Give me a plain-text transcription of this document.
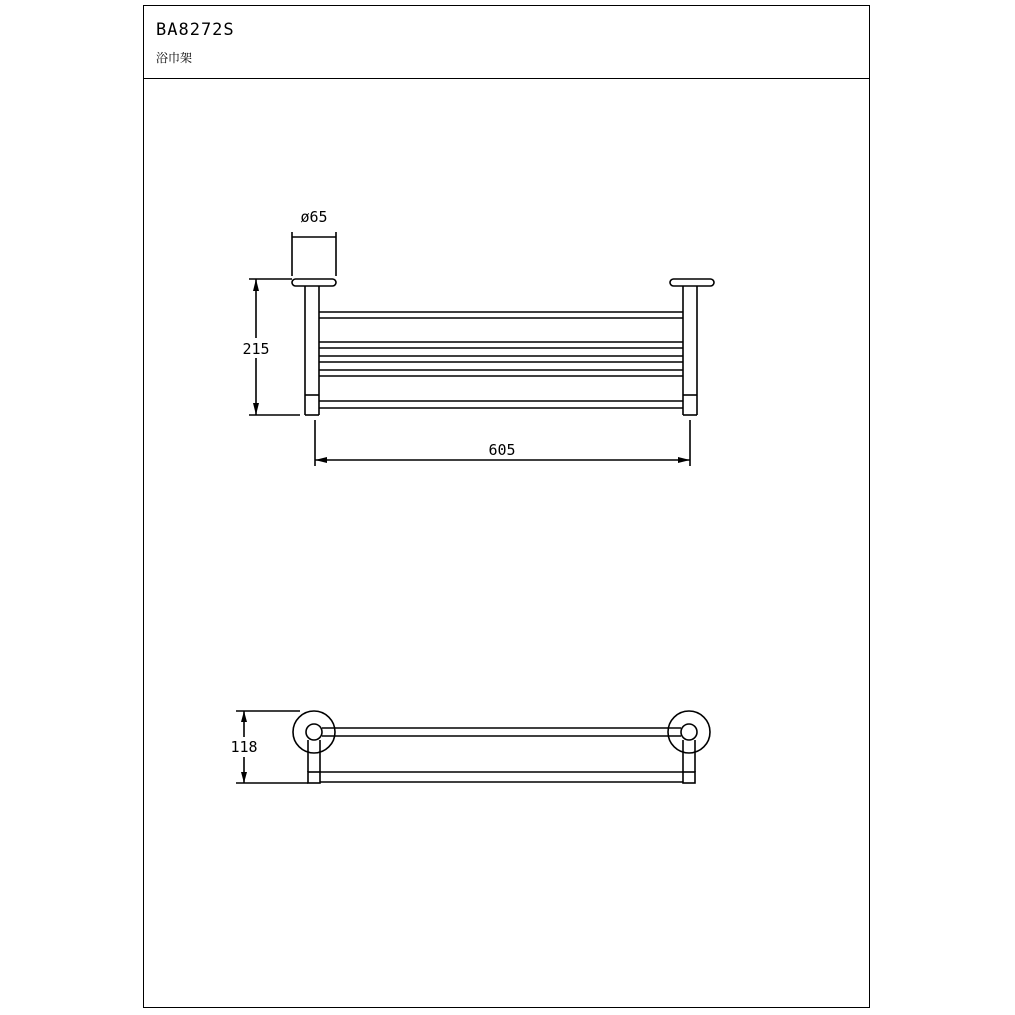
BA8272S
浴巾架
ø65
215
605
118
